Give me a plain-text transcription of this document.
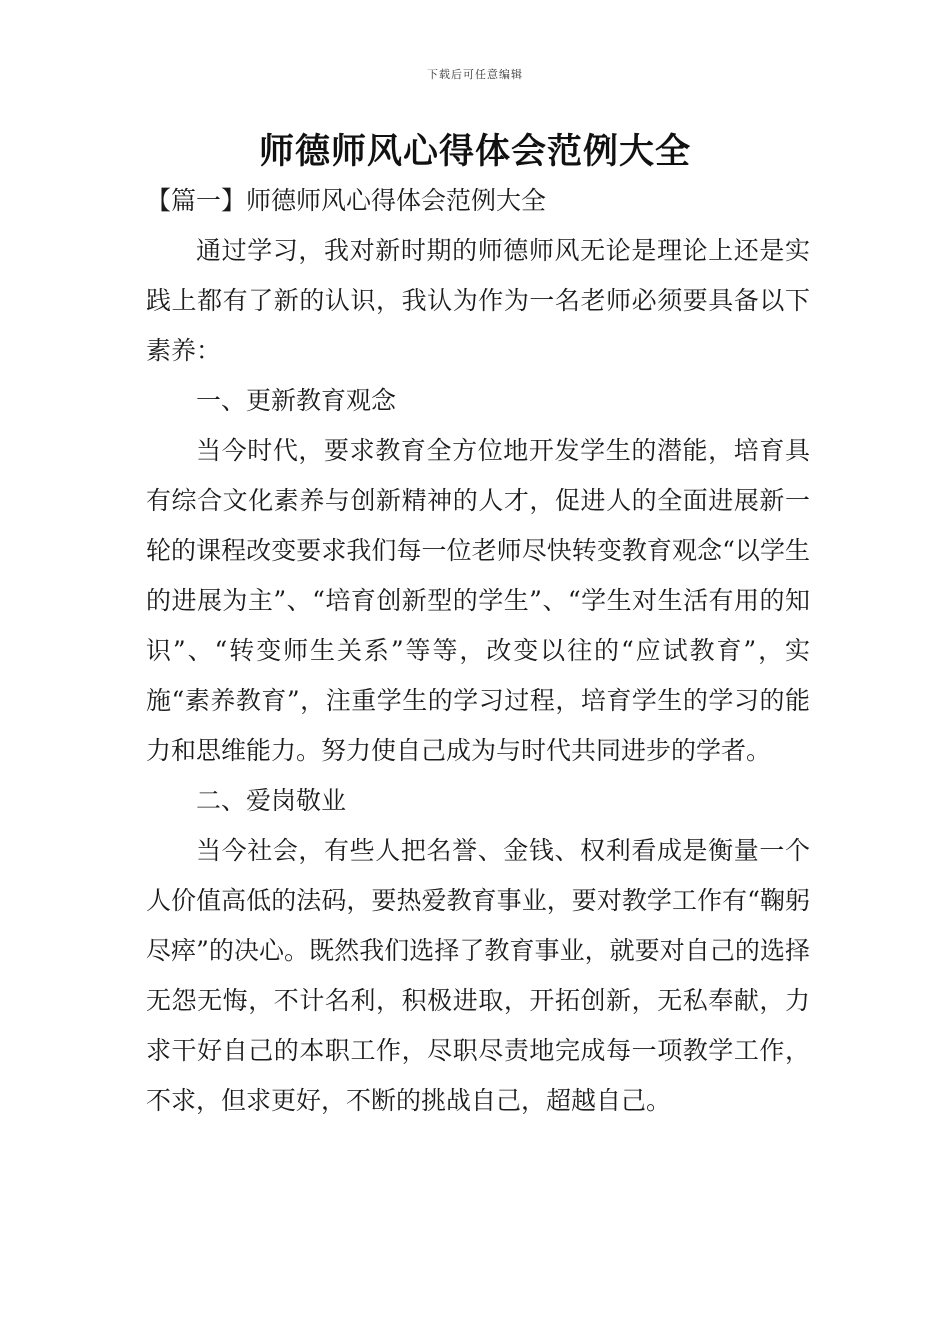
下载后可任意编辑
师德师风心得体会范例大全

【篇一】师德师风心得体会范例大全

通过学习，我对新时期的师德师风无论是理论上还是实践上都有了新的认识，我认为作为一名老师必须要具备以下素养：

一、更新教育观念

当今时代，要求教育全方位地开发学生的潜能，培育具有综合文化素养与创新精神的人才，促进人的全面进展新一轮的课程改变要求我们每一位老师尽快转变教育观念“以学生的进展为主”、“培育创新型的学生”、“学生对生活有用的知识”、“转变师生关系”等等，改变以往的“应试教育”，实施“素养教育”，注重学生的学习过程，培育学生的学习的能力和思维能力。努力使自己成为与时代共同进步的学者。

二、爱岗敬业

当今社会，有些人把名誉、金钱、权利看成是衡量一个人价值高低的法码，要热爱教育事业，要对教学工作有“鞠躬尽瘁”的决心。既然我们选择了教育事业，就要对自己的选择无怨无悔，不计名利，积极进取，开拓创新，无私奉献，力求干好自己的本职工作，尽职尽责地完成每一项教学工作，不求，但求更好，不断的挑战自己，超越自己。
